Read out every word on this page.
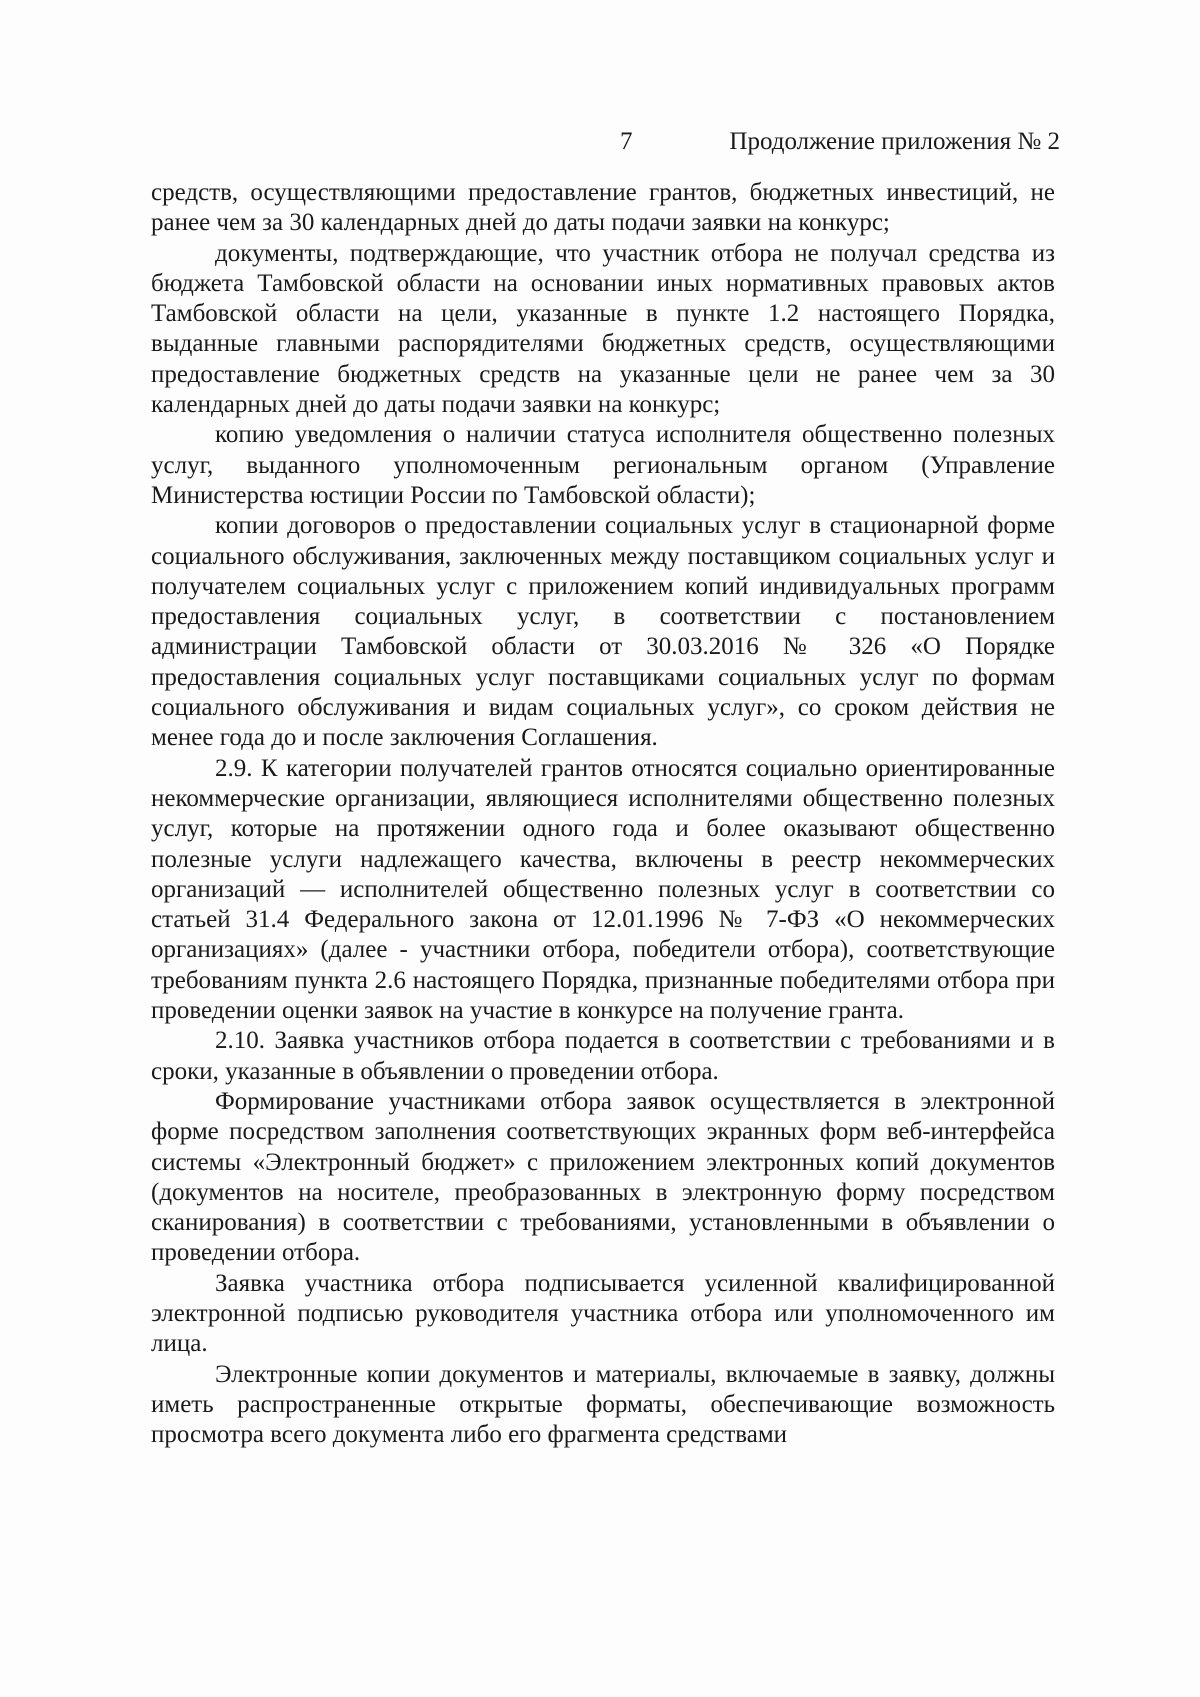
7	Продолжение приложения № 2

средств, осуществляющими предоставление грантов, бюджетных инвестиций, не ранее чем за 30 календарных дней до даты подачи заявки на конкурс;

документы, подтверждающие, что участник отбора не получал средства из бюджета Тамбовской области на основании иных нормативных правовых актов Тамбовской области на цели, указанные в пункте 1.2 настоящего Порядка, выданные главными распорядителями бюджетных средств, осуществляющими предоставление бюджетных средств на указанные цели не ранее чем за 30 календарных дней до даты подачи заявки на конкурс;

копию уведомления о наличии статуса исполнителя общественно полезных услуг, выданного уполномоченным региональным органом (Управление Министерства юстиции России по Тамбовской области);

копии договоров о предоставлении социальных услуг в стационарной форме социального обслуживания, заключенных между поставщиком социальных услуг и получателем социальных услуг с приложением копий индивидуальных программ предоставления социальных услуг, в соответствии с постановлением администрации Тамбовской области от 30.03.2016 № 326 «О Порядке предоставления социальных услуг поставщиками социальных услуг по формам социального обслуживания и видам социальных услуг», со сроком действия не менее года до и после заключения Соглашения.

2.9. К категории получателей грантов относятся социально ориентированные некоммерческие организации, являющиеся исполнителями общественно полезных услуг, которые на протяжении одного года и более оказывают общественно полезные услуги надлежащего качества, включены в реестр некоммерческих организаций — исполнителей общественно полезных услуг в соответствии со статьей 31.4 Федерального закона от 12.01.1996 № 7-ФЗ «О некоммерческих организациях» (далее - участники отбора, победители отбора), соответствующие требованиям пункта 2.6 настоящего Порядка, признанные победителями отбора при проведении оценки заявок на участие в конкурсе на получение гранта.

2.10. Заявка участников отбора подается в соответствии с требованиями и в сроки, указанные в объявлении о проведении отбора.

Формирование участниками отбора заявок осуществляется в электронной форме посредством заполнения соответствующих экранных форм веб-интерфейса системы «Электронный бюджет» с приложением электронных копий документов (документов на носителе, преобразованных в электронную форму посредством сканирования) в соответствии с требованиями, установленными в объявлении о проведении отбора.

Заявка участника отбора подписывается усиленной квалифицированной электронной подписью руководителя участника отбора или уполномоченного им лица.

Электронные копии документов и материалы, включаемые в заявку, должны иметь распространенные открытые форматы, обеспечивающие возможность просмотра всего документа либо его фрагмента средствами
